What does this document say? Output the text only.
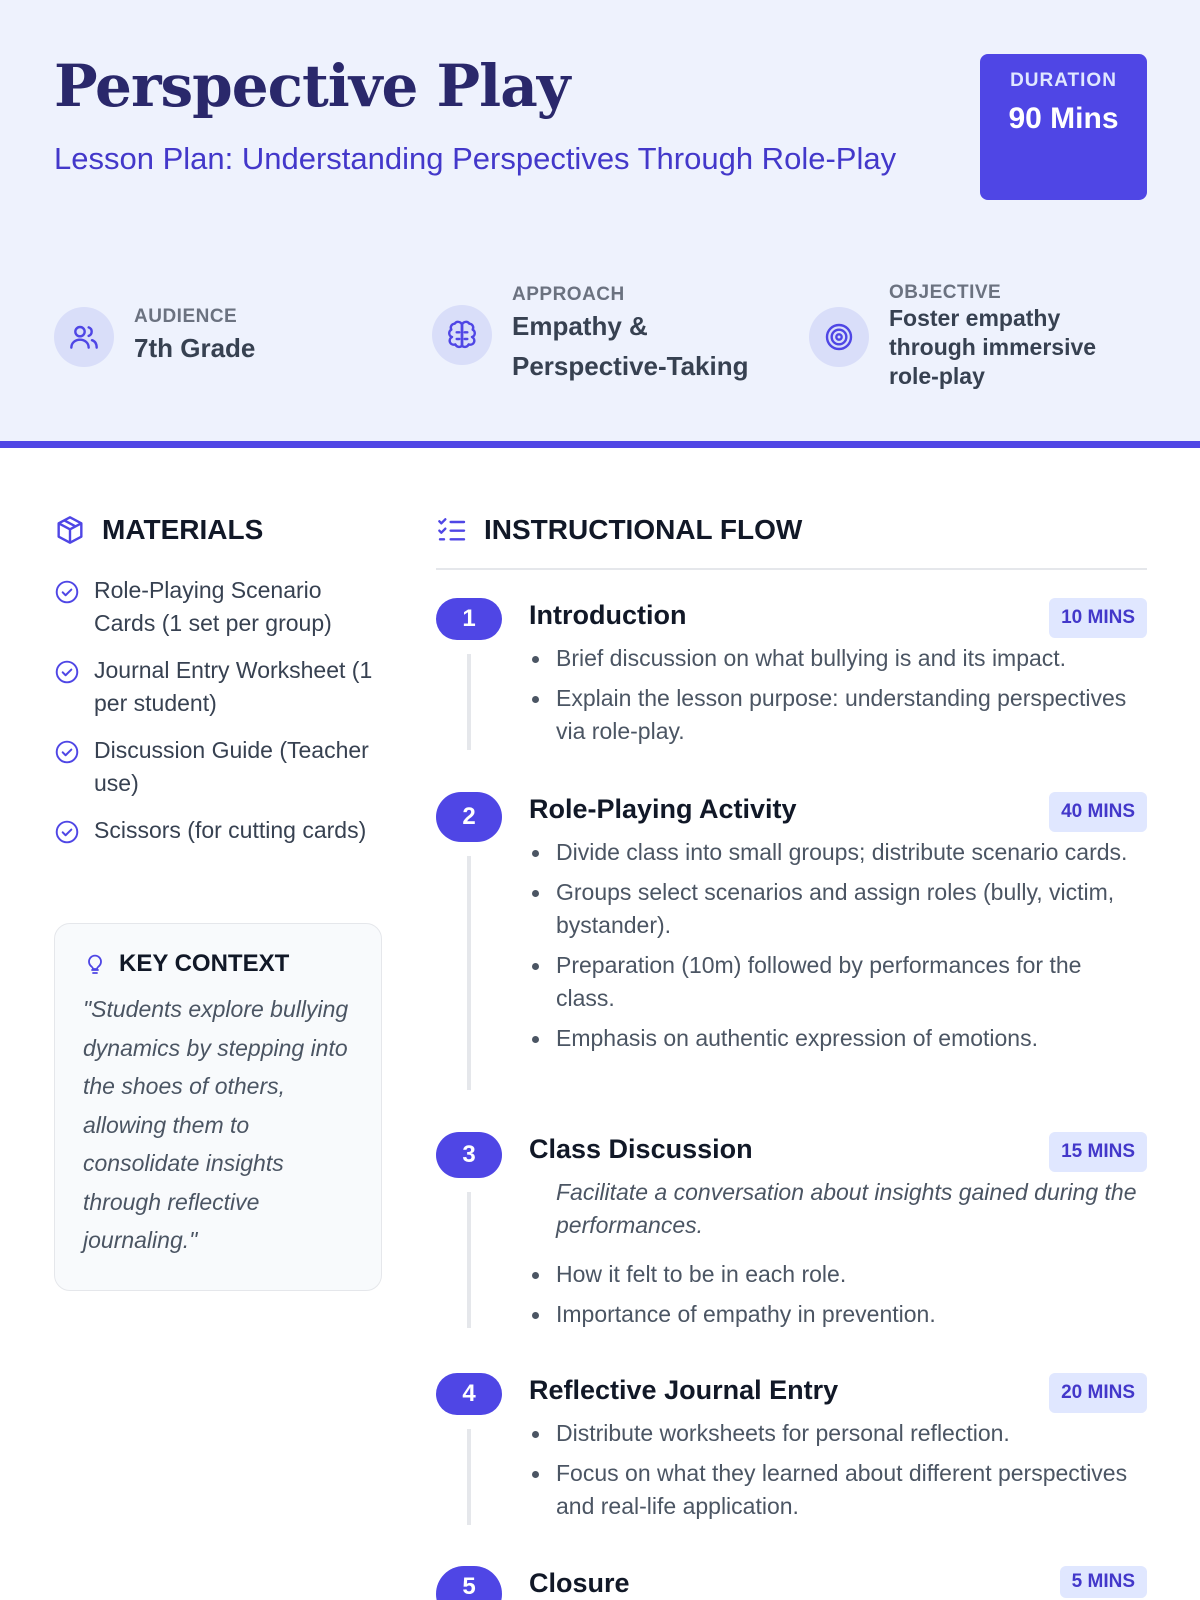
Perspective Play
Lesson Plan: Understanding Perspectives Through Role-Play
DURATION
90 Mins
AUDIENCE
7th Grade
APPROACH
Empathy & Perspective-Taking
OBJECTIVE
Foster empathy through immersive role-play
MATERIALS
Role-Playing Scenario Cards (1 set per group)
Journal Entry Worksheet (1 per student)
Discussion Guide (Teacher use)
Scissors (for cutting cards)
KEY CONTEXT
"Students explore bullying dynamics by stepping into the shoes of others, allowing them to consolidate insights through reflective journaling."
INSTRUCTIONAL FLOW
1	Introduction	10 MINS
Brief discussion on what bullying is and its impact.
Explain the lesson purpose: understanding perspectives via role-play.
2	Role-Playing Activity	40 MINS
Divide class into small groups; distribute scenario cards.
Groups select scenarios and assign roles (bully, victim, bystander).
Preparation (10m) followed by performances for the class.
Emphasis on authentic expression of emotions.
3	Class Discussion	15 MINS
Facilitate a conversation about insights gained during the performances.
How it felt to be in each role.
Importance of empathy in prevention.
4	Reflective Journal Entry	20 MINS
Distribute worksheets for personal reflection.
Focus on what they learned about different perspectives and real-life application.
5	Closure	5 MINS
